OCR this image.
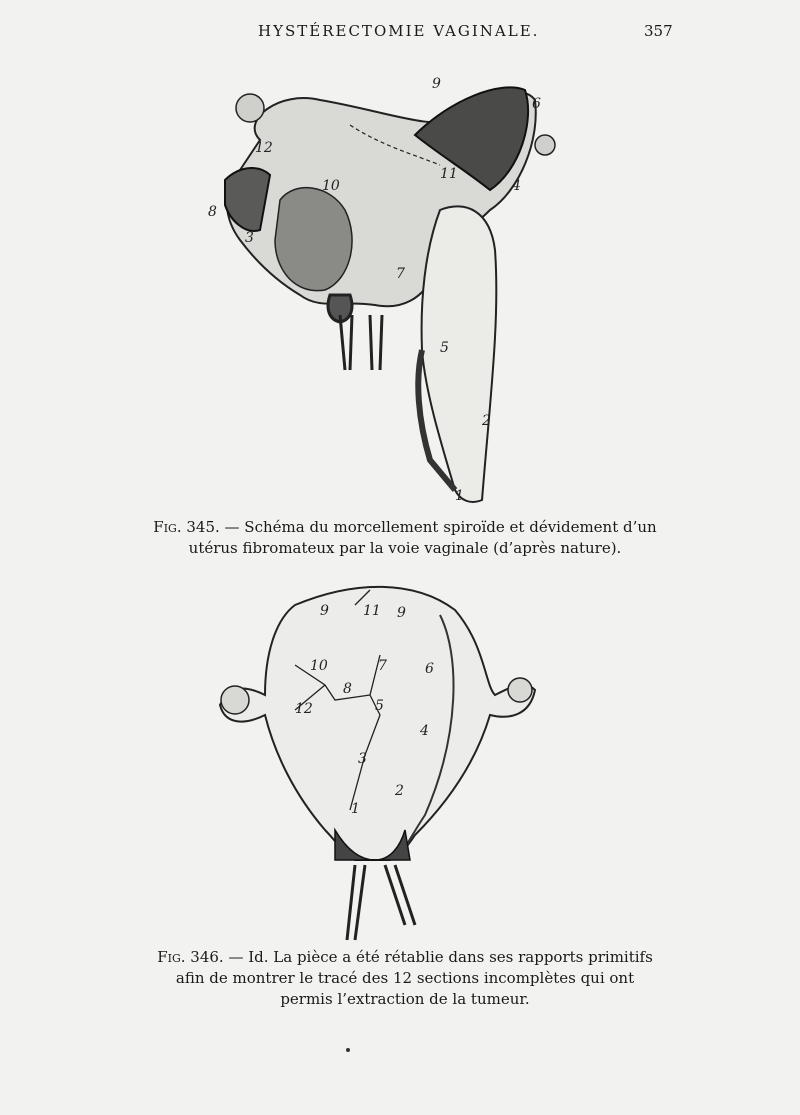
HYSTÉRECTOMIE VAGINALE.	357
1
2
3
4
5
6
7
8
9
10
11
12
Fig. 345. — Schéma du morcellement spiroïde et dévidement d’un utérus fibromateux par la voie vaginale (d’après nature).
1
2
3
4
5
6
7
8
9	9
10
11
12
Fig. 346. — Id. La pièce a été rétablie dans ses rapports primitifs afin de montrer le tracé des 12 sections incomplètes qui ont permis l’extraction de la tumeur.
